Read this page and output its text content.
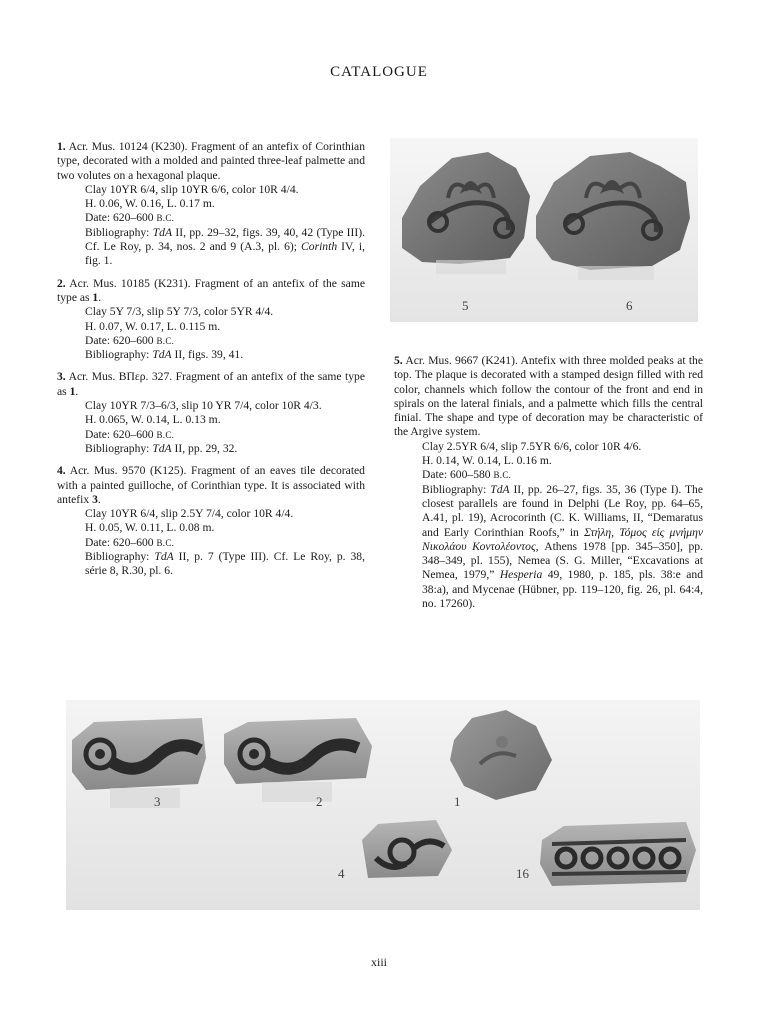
CATALOGUE

1. Acr. Mus. 10124 (K230). Fragment of an antefix of Corinthian type, decorated with a molded and painted three-leaf palmette and two volutes on a hexagonal plaque.

Clay 10YR 6/4, slip 10YR 6/6, color 10R 4/4.

H. 0.06, W. 0.16, L. 0.17 m.

Date: 620–600 B.C.

Bibliography: TdA II, pp. 29–32, figs. 39, 40, 42 (Type III). Cf. Le Roy, p. 34, nos. 2 and 9 (A.3, pl. 6); Corinth IV, i, fig. 1.

2. Acr. Mus. 10185 (K231). Fragment of an antefix of the same type as 1.

Clay 5Y 7/3, slip 5Y 7/3, color 5YR 4/4.

H. 0.07, W. 0.17, L. 0.115 m.

Date: 620–600 B.C.

Bibliography: TdA II, figs. 39, 41.

3. Acr. Mus. ΒΠερ. 327. Fragment of an antefix of the same type as 1.

Clay 10YR 7/3–6/3, slip 10 YR 7/4, color 10R 4/3.

H. 0.065, W. 0.14, L. 0.13 m.

Date: 620–600 B.C.

Bibliography: TdA II, pp. 29, 32.

4. Acr. Mus. 9570 (K125). Fragment of an eaves tile decorated with a painted guilloche, of Corinthian type. It is associated with antefix 3.

Clay 10YR 6/4, slip 2.5Y 7/4, color 10R 4/4.

H. 0.05, W. 0.11, L. 0.08 m.

Date: 620–600 B.C.

Bibliography: TdA II, p. 7 (Type III). Cf. Le Roy, p. 38, série 8, R.30, pl. 6.

5	6

5. Acr. Mus. 9667 (K241). Antefix with three molded peaks at the top. The plaque is decorated with a stamped design filled with red color, channels which follow the contour of the front and end in spirals on the lateral finials, and a palmette which fills the central finial. The shape and type of decoration may be characteristic of the Argive system.

Clay 2.5YR 6/4, slip 7.5YR 6/6, color 10R 4/6.

H. 0.14, W. 0.14, L. 0.16 m.

Date: 600–580 B.C.

Bibliography: TdA II, pp. 26–27, figs. 35, 36 (Type I). The closest parallels are found in Delphi (Le Roy, pp. 64–65, A.41, pl. 19), Acrocorinth (C. K. Williams, II, “Demaratus and Early Corinthian Roofs,” in Στήλη, Τόμος εἰς μνήμην Νικολάου Κοντολέοντος, Athens 1978 [pp. 345–350], pp. 348–349, pl. 155), Nemea (S. G. Miller, “Excavations at Nemea, 1979,” Hesperia 49, 1980, p. 185, pls. 38:e and 38:a), and Mycenae (Hübner, pp. 119–120, fig. 26, pl. 64:4, no. 17260).

3	2	1
4	16
xiii
